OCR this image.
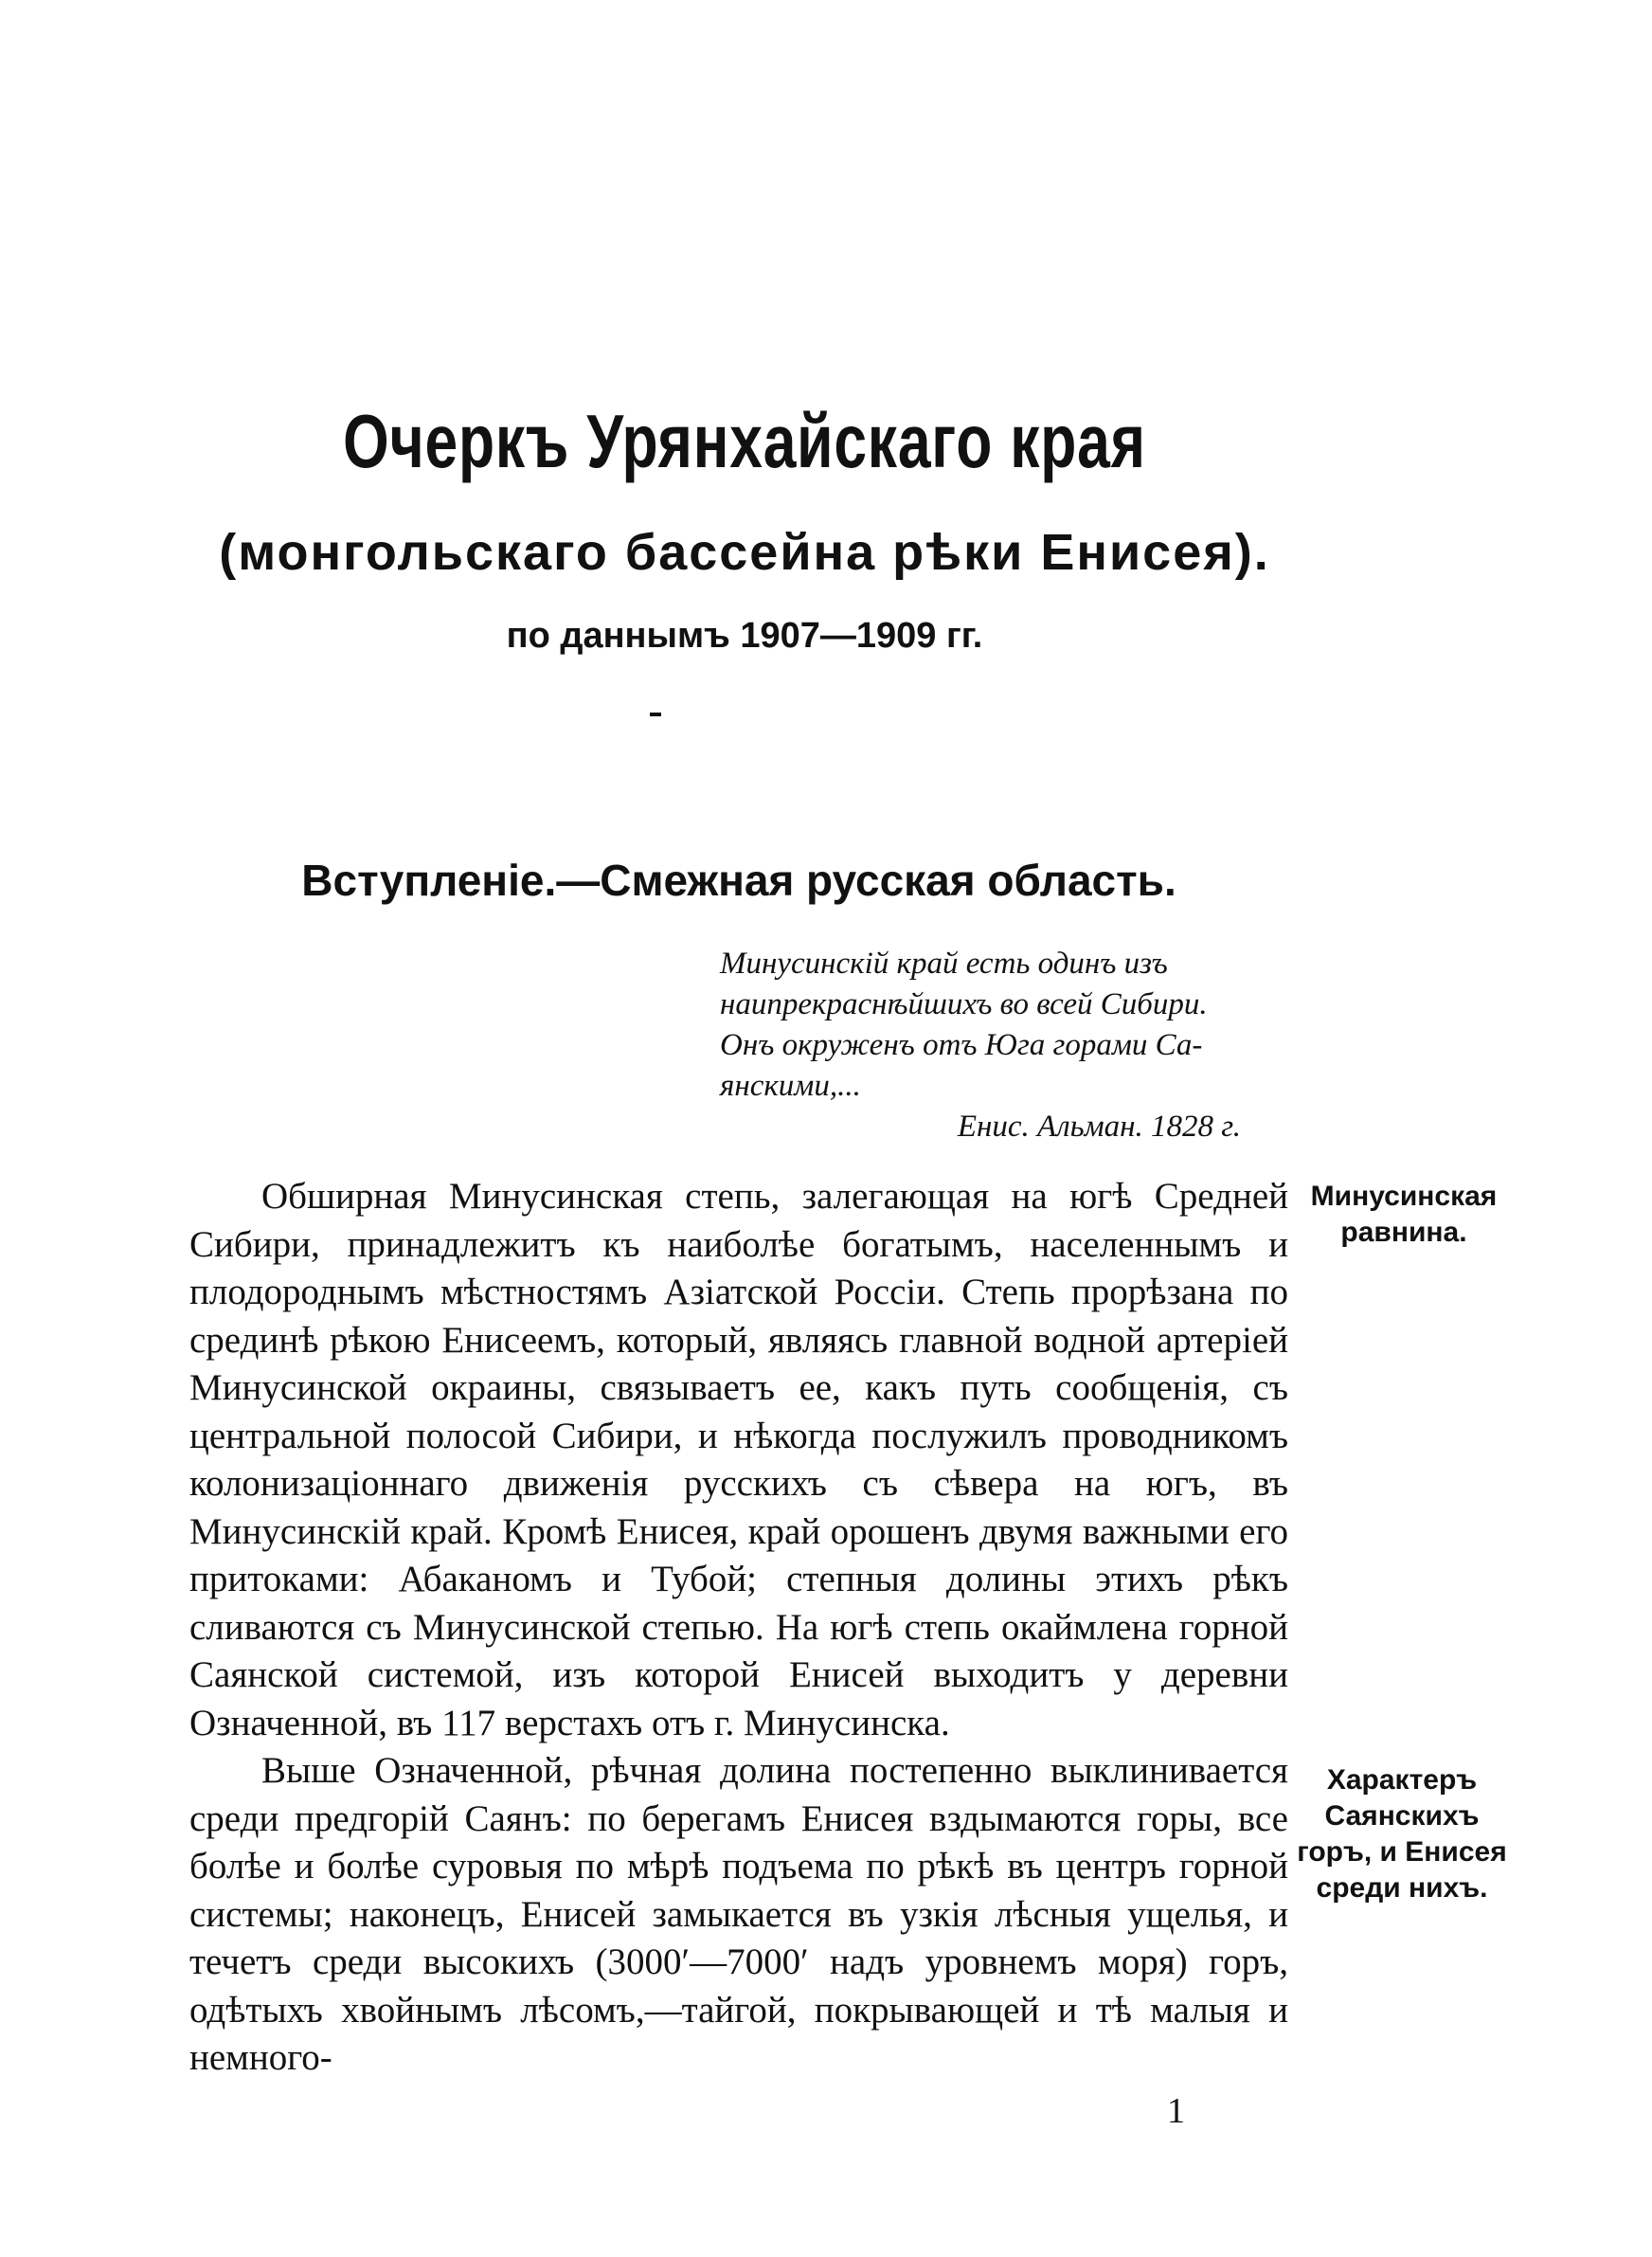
Очеркъ Урянхайскаго края
(монгольскаго бассейна рѣки Енисея).
по даннымъ 1907—1909 гг.
Вступленіе.—Смежная русская область.
Минусинскій край есть одинъ изъ
наипрекраснѣйшихъ во всей Сибири.
Онъ окруженъ отъ Юга горами Са-
янскими,...
Енис. Альман. 1828 г.

Обширная Минусинская степь, залегающая на югѣ Средней Сибири, принадлежитъ къ наиболѣе богатымъ, населеннымъ и плодороднымъ мѣстностямъ Азіатской Россіи. Степь прорѣзана по срединѣ рѣкою Енисеемъ, который, являясь главной водной артеріей Минусинской окраины, связываетъ ее, какъ путь сообщенія, съ центральной полосой Сибири, и нѣкогда послужилъ проводникомъ колонизаціоннаго движенія русскихъ съ сѣвера на югъ, въ Минусинскій край. Кромѣ Енисея, край орошенъ двумя важными его притоками: Абаканомъ и Тубой; степныя долины этихъ рѣкъ сливаются съ Минусинской степью. На югѣ степь окаймлена горной Саянской системой, изъ которой Енисей выходитъ у деревни Означенной, въ 117 верстахъ отъ г. Минусинска.

Выше Означенной, рѣчная долина постепенно выклинивается среди предгорій Саянъ: по берегамъ Енисея вздымаются горы, все болѣе и болѣе суровыя по мѣрѣ подъема по рѣкѣ въ центръ горной системы; наконецъ, Енисей замыкается въ узкія лѣсныя ущелья, и течетъ среди высокихъ (3000′—7000′ надъ уровнемъ моря) горъ, одѣтыхъ хвойнымъ лѣсомъ,—тайгой, покрывающей и тѣ малыя и немного-

Минусинская равнина.
Характеръ Саянскихъ горъ, и Енисея среди нихъ.
1
